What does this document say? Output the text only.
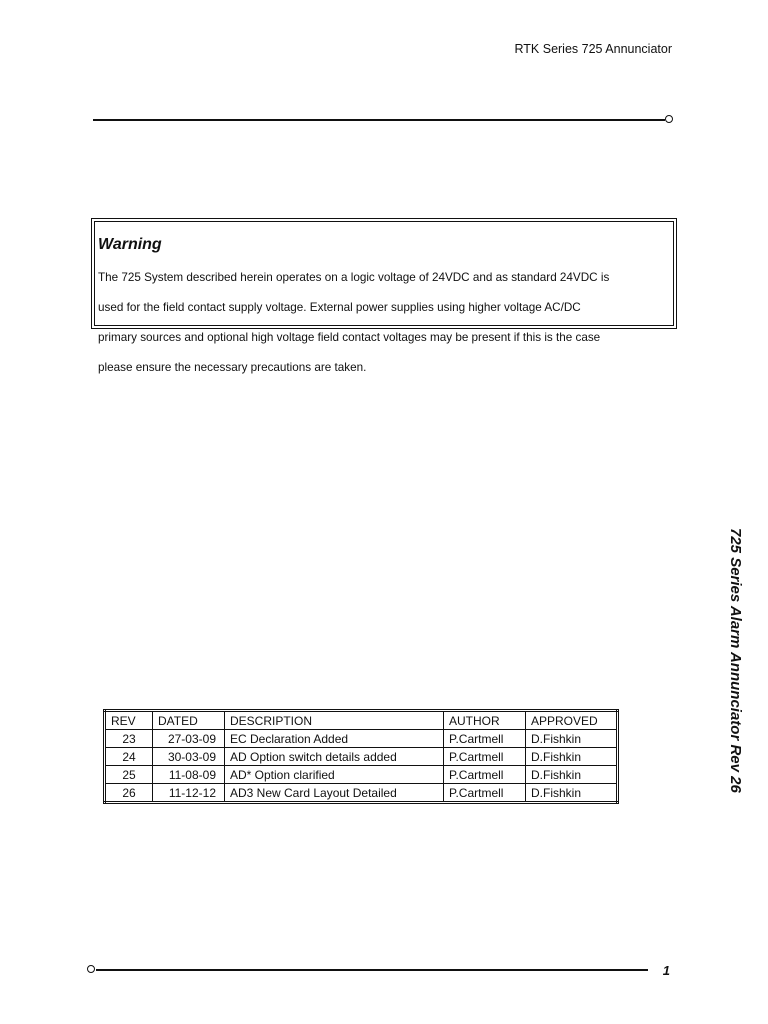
RTK Series 725 Annunciator

Warning

The 725 System described herein operates on a logic voltage of 24VDC and as standard 24VDC is

used for the field contact supply voltage. External power supplies using higher voltage AC/DC

primary sources and optional high voltage field contact voltages may be present if this is the case

please ensure the necessary precautions are taken.

725 Series Alarm Annunciator Rev 26
REV	DATED	DESCRIPTION	AUTHOR	APPROVED
23	27-03-09	EC Declaration Added	P.Cartmell	D.Fishkin
24	30-03-09	AD Option switch details added	P.Cartmell	D.Fishkin
25	11-08-09	AD* Option clarified	P.Cartmell	D.Fishkin
26	11-12-12	AD3 New Card Layout Detailed	P.Cartmell	D.Fishkin
1
